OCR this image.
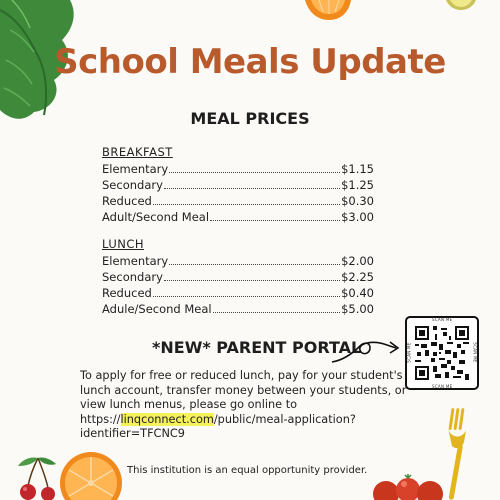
School Meals Update
MEAL PRICES
BREAKFAST
Elementary	$1.15
Secondary	$1.25
Reduced	$0.30
Adult/Second Meal	$3.00
LUNCH
Elementary	$2.00
Secondary	$2.25
Reduced	$0.40
Adule/Second Meal	$5.00
*NEW* PARENT PORTAL
SCAN ME
SCAN ME
SCAN ME	SCAN ME

To apply for free or reduced lunch, pay for your student's lunch account, transfer money between your students, or view lunch menus, please go online to https://linqconnect.com/public/meal-application?identifier=TFCNC9

This institution is an equal opportunity provider.
